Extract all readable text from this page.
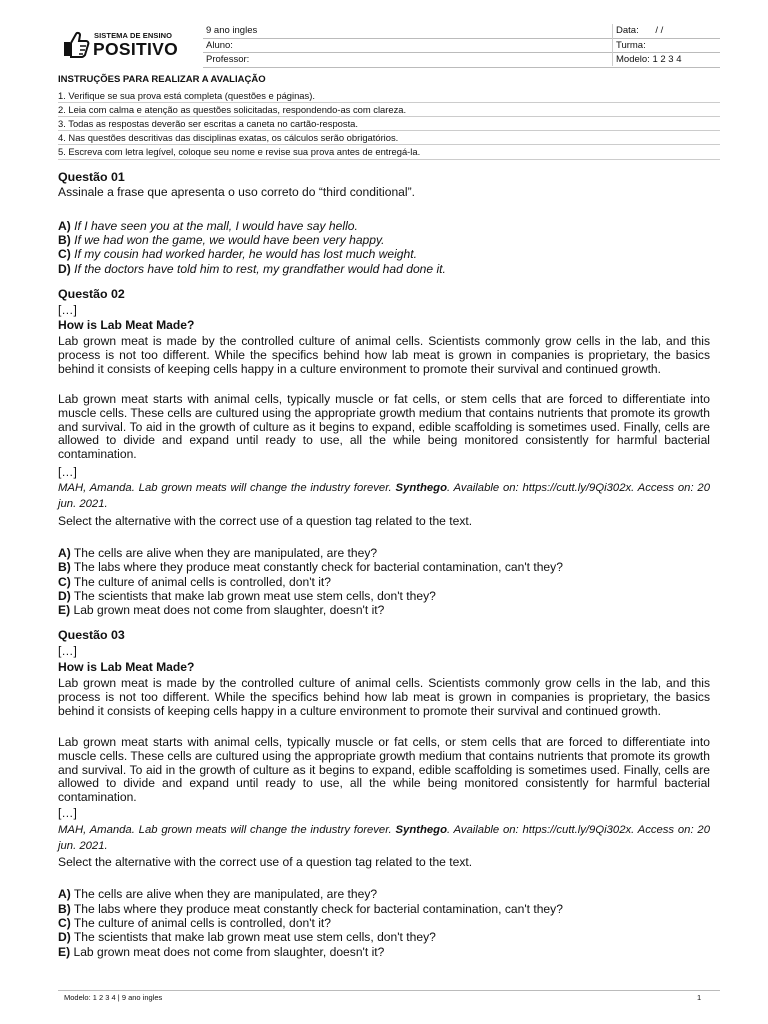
SISTEMA DE ENSINO
POSITIVO
9 ano ingles
Aluno:
Professor:
Data: / /
Turma:
Modelo: 1 2 3 4
INSTRUÇÕES PARA REALIZAR A AVALIAÇÃO
1. Verifique se sua prova está completa (questões e páginas).
2. Leia com calma e atenção as questões solicitadas, respondendo-as com clareza.
3. Todas as respostas deverão ser escritas a caneta no cartão-resposta.
4. Nas questões descritivas das disciplinas exatas, os cálculos serão obrigatórios.
5. Escreva com letra legível, coloque seu nome e revise sua prova antes de entregá-la.
Questão 01
Assinale a frase que apresenta o uso correto do “third conditional”.
A) If I have seen you at the mall, I would have say hello.
B) If we had won the game, we would have been very happy.
C) If my cousin had worked harder, he would has lost much weight.
D) If the doctors have told him to rest, my grandfather would had done it.
Questão 02
[…]
How is Lab Meat Made?
Lab grown meat is made by the controlled culture of animal cells. Scientists commonly grow cells in the lab, and this process is not too different. While the specifics behind how lab meat is grown in companies is proprietary, the basics behind it consists of keeping cells happy in a culture environment to promote their survival and continued growth.
Lab grown meat starts with animal cells, typically muscle or fat cells, or stem cells that are forced to differentiate into muscle cells. These cells are cultured using the appropriate growth medium that contains nutrients that promote its growth and survival. To aid in the growth of culture as it begins to expand, edible scaffolding is sometimes used. Finally, cells are allowed to divide and expand until ready to use, all the while being monitored consistently for harmful bacterial contamination.
[…]
MAH, Amanda. Lab grown meats will change the industry forever. Synthego. Available on: https://cutt.ly/9Qi302x. Access on: 20 jun. 2021.
Select the alternative with the correct use of a question tag related to the text.
A) The cells are alive when they are manipulated, are they?
B) The labs where they produce meat constantly check for bacterial contamination, can't they?
C) The culture of animal cells is controlled, don't it?
D) The scientists that make lab grown meat use stem cells, don't they?
E) Lab grown meat does not come from slaughter, doesn't it?
Questão 03
[…]
How is Lab Meat Made?
Lab grown meat is made by the controlled culture of animal cells. Scientists commonly grow cells in the lab, and this process is not too different. While the specifics behind how lab meat is grown in companies is proprietary, the basics behind it consists of keeping cells happy in a culture environment to promote their survival and continued growth.
Lab grown meat starts with animal cells, typically muscle or fat cells, or stem cells that are forced to differentiate into muscle cells. These cells are cultured using the appropriate growth medium that contains nutrients that promote its growth and survival. To aid in the growth of culture as it begins to expand, edible scaffolding is sometimes used. Finally, cells are allowed to divide and expand until ready to use, all the while being monitored consistently for harmful bacterial contamination.
[…]
MAH, Amanda. Lab grown meats will change the industry forever. Synthego. Available on: https://cutt.ly/9Qi302x. Access on: 20 jun. 2021.
Select the alternative with the correct use of a question tag related to the text.
A) The cells are alive when they are manipulated, are they?
B) The labs where they produce meat constantly check for bacterial contamination, can't they?
C) The culture of animal cells is controlled, don't it?
D) The scientists that make lab grown meat use stem cells, don't they?
E) Lab grown meat does not come from slaughter, doesn't it?
Modelo: 1 2 3 4 | 9 ano ingles	1
